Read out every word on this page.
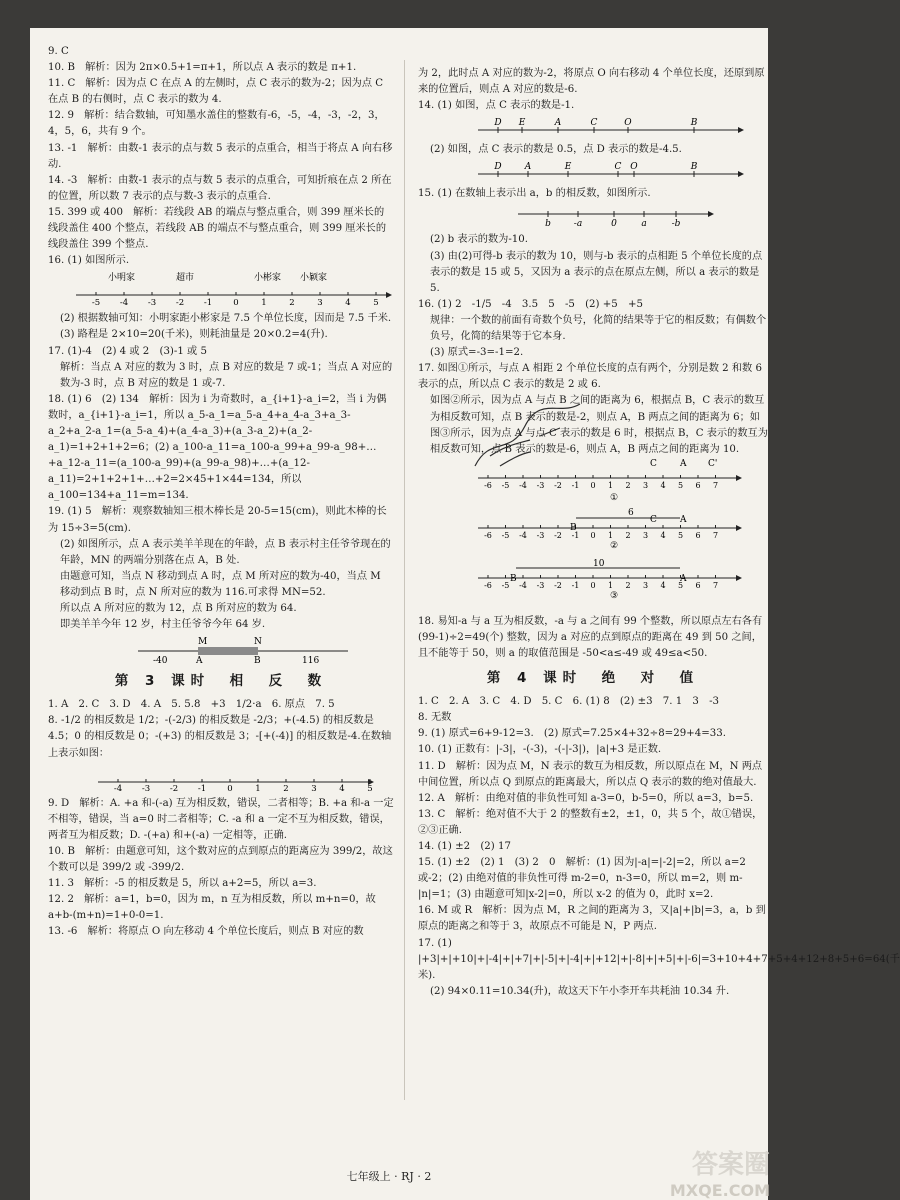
9. C

10. B　解析：因为 2π×0.5+1=π+1，所以点 A 表示的数是 π+1.

11. C　解析：因为点 C 在点 A 的左侧时，点 C 表示的数为-2；因为点 C 在点 B 的右侧时，点 C 表示的数为 4.

12. 9　解析：结合数轴，可知墨水盖住的整数有-6，-5，-4，-3，-2，3，4，5，6，共有 9 个。

13. -1　解析：由数-1 表示的点与数 5 表示的点重合，相当于将点 A 向右移动.

14. -3　解析：由数-1 表示的点与数 5 表示的点重合，可知折痕在点 2 所在的位置，所以数 7 表示的点与数-3 表示的点重合.

15. 399 或 400　解析：若线段 AB 的端点与整点重合，则 399 厘米长的线段盖住 400 个整点，若线段 AB 的端点不与整点重合，则 399 厘米长的线段盖住 399 个整点.

16. (1) 如图所示.

小明家	超市	小彬家 小颖家
-5 -4 -3 -2 -1 0	1	2	3	4	5

(2) 根据数轴可知：小明家距小彬家是 7.5 个单位长度，因而是 7.5 千米.

(3) 路程是 2×10=20(千米)，则耗油量是 20×0.2=4(升).

17. (1)-4　(2) 4 或 2　(3)-1 或 5

解析：当点 A 对应的数为 3 时，点 B 对应的数是 7 或-1；当点 A 对应的数为-3 时，点 B 对应的数是 1 或-7.

18. (1) 6　(2) 134　解析：因为 i 为奇数时，a_{i+1}-a_i=2，当 i 为偶数时，a_{i+1}-a_i=1，所以 a_5-a_1=a_5-a_4+a_4-a_3+a_3-a_2+a_2-a_1=(a_5-a_4)+(a_4-a_3)+(a_3-a_2)+(a_2-a_1)=1+2+1+2=6；(2) a_100-a_11=a_100-a_99+a_99-a_98+…+a_12-a_11=(a_100-a_99)+(a_99-a_98)+…+(a_12-a_11)=2+1+2+1+…+2=2×45+1×44=134，所以 a_100=134+a_11=m=134.

19. (1) 5　解析：观察数轴知三根木棒长是 20-5=15(cm)，则此木棒的长为 15÷3=5(cm).

(2) 如图所示，点 A 表示美羊羊现在的年龄，点 B 表示村主任爷爷现在的年龄，MN 的两端分别落在点 A，B 处.

由题意可知，当点 N 移动到点 A 时，点 M 所对应的数为-40，当点 M 移动到点 B 时，点 N 所对应的数为 116.可求得 MN=52.

所以点 A 所对应的数为 12，点 B 所对应的数为 64.

即美羊羊今年 12 岁，村主任爷爷今年 64 岁.

M	N
-40	A	B	116
第 3 课时　相　反　数

1. A　2. C　3. D　4. A　5. 5.8　+3　1/2·a　6. 原点　7. 5

8. -1/2 的相反数是 1/2；-(-2/3) 的相反数是 -2/3；+(-4.5) 的相反数是 4.5；0 的相反数是 0；-(+3) 的相反数是 3；-[+(-4)] 的相反数是-4.在数轴上表示如图：

-4 -3 -2 -1 0	1	2	3	4	5

9. D　解析：A. +a 和-(-a) 互为相反数，错误，二者相等；B. +a 和-a 一定不相等，错误，当 a=0 时二者相等；C. -a 和 a 一定不互为相反数，错误，两者互为相反数；D. -(+a) 和+(-a) 一定相等，正确.

10. B　解析：由题意可知，这个数对应的点到原点的距离应为 399/2，故这个数可以是 399/2 或 -399/2.

11. 3　解析：-5 的相反数是 5，所以 a+2=5，所以 a=3.

12. 2　解析：a=1，b=0，因为 m，n 互为相反数，所以 m+n=0，故 a+b-(m+n)=1+0-0=1.

13. -6　解析：将原点 O 向左移动 4 个单位长度后，则点 B 对应的数

为 2，此时点 A 对应的数为-2，将原点 O 向右移动 4 个单位长度，还原到原来的位置后，则点 A 对应的数是-6.

14. (1) 如图，点 C 表示的数是-1.

D E	A	C	O	B

(2) 如图，点 C 表示的数是 0.5，点 D 表示的数是-4.5.

D	A	E	C O	B

15. (1) 在数轴上表示出 a，b 的相反数，如图所示.

b	-a	0	a	-b

(2) b 表示的数为-10.

(3) 由(2)可得-b 表示的数为 10，则与-b 表示的点相距 5 个单位长度的点表示的数是 15 或 5，又因为 a 表示的点在原点左侧，所以 a 表示的数是 5.

16. (1) 2　-1/5　-4　3.5　5　-5　(2) +5　+5

规律：一个数的前面有奇数个负号，化简的结果等于它的相反数；有偶数个负号，化简的结果等于它本身.

(3) 原式=-3=-1=2.

17. 如图①所示，与点 A 相距 2 个单位长度的点有两个，分别是数 2 和数 6 表示的点，所以点 C 表示的数是 2 或 6.

如图②所示，因为点 A 与点 B 之间的距离为 6，根据点 B，C 表示的数互为相反数可知，点 B 表示的数是-2，则点 A，B 两点之间的距离为 6；如图③所示，因为点 A 与点 C 表示的数是 6 时，根据点 B，C 表示的数互为相反数可知，点 B 表示的数是-6，则点 A，B 两点之间的距离为 10.

-6 -5 -4 -3 -2 -1 0 1 2 3 4 5 6 7
-6 -5 -4 -3 -2 -1 0 1 2 3 4 5 6 7
-6 -5 -4 -3 -2 -1 0 1 2 3 4 5 6 7
①
②
③
C	A C'
B
6
C	A
B
10
A

18. 易知-a 与 a 互为相反数，-a 与 a 之间有 99 个整数，所以原点左右各有 (99-1)÷2=49(个) 整数，因为 a 对应的点到原点的距离在 49 到 50 之间，且不能等于 50，则 a 的取值范围是 -50<a≤-49 或 49≤a<50.

第 4 课时　绝　对　值

1. C　2. A　3. C　4. D　5. C　6. (1) 8　(2) ±3　7. 1　3　-3

8. 无数

9. (1) 原式=6+9-12=3.　(2) 原式=7.25×4+32÷8=29+4=33.

10. (1) 正数有：|-3|，-(-3)，-(-|-3|)，|a|+3 是正数.

11. D　解析：因为点 M，N 表示的数互为相反数，所以原点在 M，N 两点中间位置，所以点 Q 到原点的距离最大，所以点 Q 表示的数的绝对值最大.

12. A　解析：由绝对值的非负性可知 a-3=0，b-5=0，所以 a=3，b=5.

13. C　解析：绝对值不大于 2 的整数有±2，±1，0，共 5 个，故①错误，②③正确.

14. (1) ±2　(2) 17

15. (1) ±2　(2) 1　(3) 2　0　解析：(1) 因为|-a|=|-2|=2，所以 a=2 或-2；(2) 由绝对值的非负性可得 m-2=0，n-3=0，所以 m=2，则 m-|n|=1；(3) 由题意可知|x-2|=0，所以 x-2 的值为 0，此时 x=2.

16. M 或 R　解析：因为点 M，R 之间的距离为 3，又|a|+|b|=3，a，b 到原点的距离之和等于 3，故原点不可能是 N，P 两点.

17. (1) |+3|+|+10|+|-4|+|+7|+|-5|+|-4|+|+12|+|-8|+|+5|+|-6|=3+10+4+7+5+4+12+8+5+6=64(千米).

(2) 94×0.11=10.34(升)，故这天下午小李开车共耗油 10.34 升.

七年级上 · RJ · 2	答案圈
MXQE.COM
